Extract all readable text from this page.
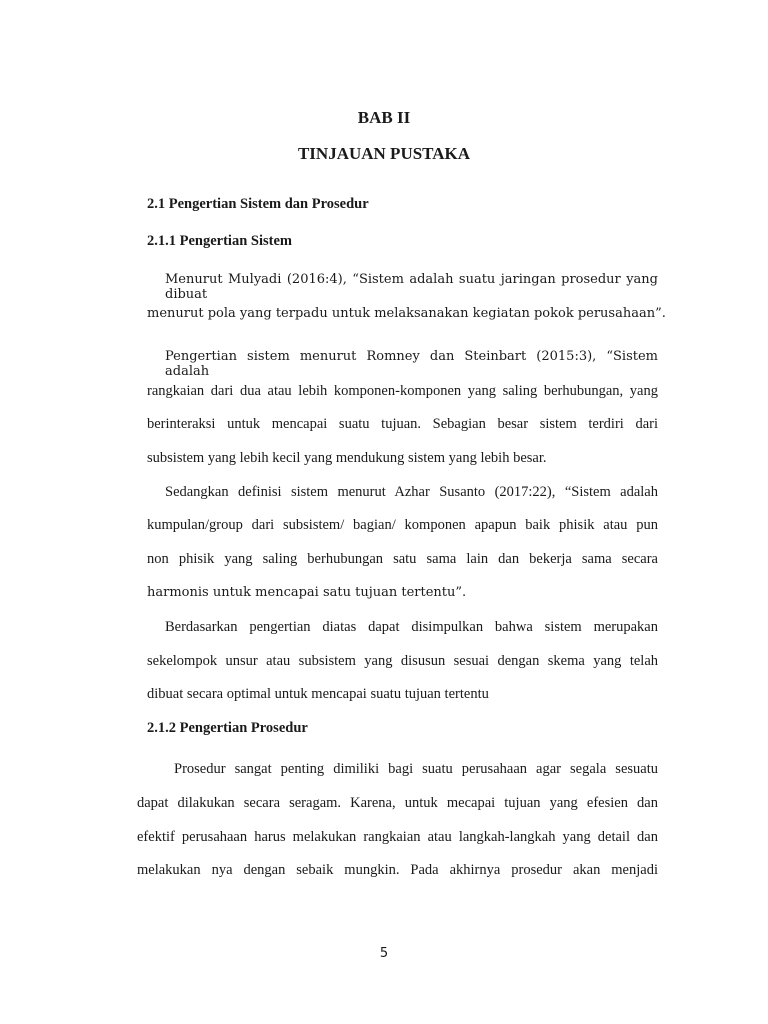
BAB II
TINJAUAN PUSTAKA
2.1 Pengertian Sistem dan Prosedur
2.1.1 Pengertian Sistem
Menurut Mulyadi (2016:4), “Sistem adalah suatu jaringan prosedur yang dibuat
menurut pola yang terpadu untuk melaksanakan kegiatan pokok perusahaan”.
Pengertian sistem menurut Romney dan Steinbart (2015:3), “Sistem adalah
rangkaian dari dua atau lebih komponen-komponen yang saling berhubungan, yang
berinteraksi untuk mencapai suatu tujuan. Sebagian besar sistem terdiri dari
subsistem yang lebih kecil yang mendukung sistem yang lebih besar.
Sedangkan definisi sistem menurut Azhar Susanto (2017:22), “Sistem adalah
kumpulan/group dari subsistem/ bagian/ komponen apapun baik phisik atau pun
non phisik yang saling berhubungan satu sama lain dan bekerja sama secara
harmonis untuk mencapai satu tujuan tertentu”.
Berdasarkan pengertian diatas dapat disimpulkan bahwa sistem merupakan
sekelompok unsur atau subsistem yang disusun sesuai dengan skema yang telah
dibuat secara optimal untuk mencapai suatu tujuan tertentu
2.1.2 Pengertian Prosedur
Prosedur sangat penting dimiliki bagi suatu perusahaan agar segala sesuatu
dapat dilakukan secara seragam. Karena, untuk mecapai tujuan yang efesien dan
efektif perusahaan harus melakukan rangkaian atau langkah-langkah yang detail dan
melakukan nya dengan sebaik mungkin. Pada akhirnya prosedur akan menjadi
5
